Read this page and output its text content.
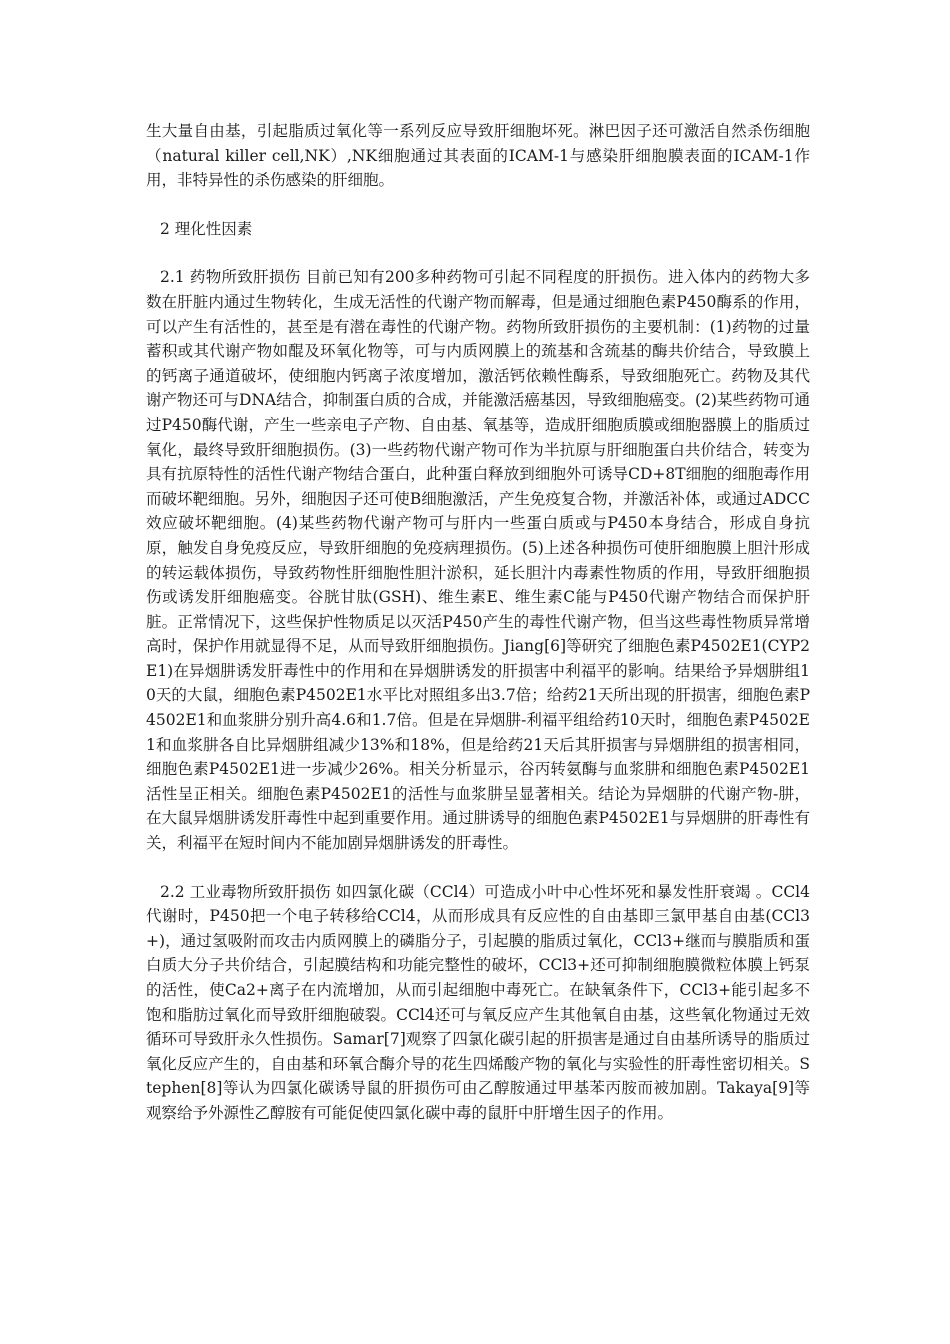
生大量自由基，引起脂质过氧化等一系列反应导致肝细胞坏死。淋巴因子还可激活自然杀伤细胞（natural killer cell,NK）,NK细胞通过其表面的ICAM-1与感染肝细胞膜表面的ICAM-1作用，非特异性的杀伤感染的肝细胞。

2 理化性因素

2.1 药物所致肝损伤 目前已知有200多种药物可引起不同程度的肝损伤。进入体内的药物大多数在肝脏内通过生物转化，生成无活性的代谢产物而解毒，但是通过细胞色素P450酶系的作用，可以产生有活性的，甚至是有潜在毒性的代谢产物。药物所致肝损伤的主要机制：(1)药物的过量蓄积或其代谢产物如醌及环氧化物等，可与内质网膜上的巯基和含巯基的酶共价结合，导致膜上的钙离子通道破坏，使细胞内钙离子浓度增加，激活钙依赖性酶系，导致细胞死亡。药物及其代谢产物还可与DNA结合，抑制蛋白质的合成，并能激活癌基因，导致细胞癌变。(2)某些药物可通过P450酶代谢，产生一些亲电子产物、自由基、氧基等，造成肝细胞质膜或细胞器膜上的脂质过氧化，最终导致肝细胞损伤。(3)一些药物代谢产物可作为半抗原与肝细胞蛋白共价结合，转变为具有抗原特性的活性代谢产物结合蛋白，此种蛋白释放到细胞外可诱导CD+8T细胞的细胞毒作用而破坏靶细胞。另外，细胞因子还可使B细胞激活，产生免疫复合物，并激活补体，或通过ADCC效应破坏靶细胞。(4)某些药物代谢产物可与肝内一些蛋白质或与P450本身结合，形成自身抗原，触发自身免疫反应，导致肝细胞的免疫病理损伤。(5)上述各种损伤可使肝细胞膜上胆汁形成的转运载体损伤，导致药物性肝细胞性胆汁淤积，延长胆汁内毒素性物质的作用，导致肝细胞损伤或诱发肝细胞癌变。谷胱甘肽(GSH)、维生素E、维生素C能与P450代谢产物结合而保护肝脏。正常情况下，这些保护性物质足以灭活P450产生的毒性代谢产物，但当这些毒性物质异常增高时，保护作用就显得不足，从而导致肝细胞损伤。Jiang[6]等研究了细胞色素P4502E1(CYP2E1)在异烟肼诱发肝毒性中的作用和在异烟肼诱发的肝损害中利福平的影响。结果给予异烟肼组10天的大鼠，细胞色素P4502E1水平比对照组多出3.7倍；给药21天所出现的肝损害，细胞色素P4502E1和血浆肼分别升高4.6和1.7倍。但是在异烟肼-利福平组给药10天时，细胞色素P4502E1和血浆肼各自比异烟肼组减少13%和18%，但是给药21天后其肝损害与异烟肼组的损害相同，细胞色素P4502E1进一步减少26%。相关分析显示，谷丙转氨酶与血浆肼和细胞色素P4502E1活性呈正相关。细胞色素P4502E1的活性与血浆肼呈显著相关。结论为异烟肼的代谢产物-肼，在大鼠异烟肼诱发肝毒性中起到重要作用。通过肼诱导的细胞色素P4502E1与异烟肼的肝毒性有关，利福平在短时间内不能加剧异烟肼诱发的肝毒性。

2.2 工业毒物所致肝损伤 如四氯化碳（CCl4）可造成小叶中心性坏死和暴发性肝衰竭 。CCl4代谢时，P450把一个电子转移给CCl4，从而形成具有反应性的自由基即三氯甲基自由基(CCl3+)，通过氢吸附而攻击内质网膜上的磷脂分子，引起膜的脂质过氧化，CCl3+继而与膜脂质和蛋白质大分子共价结合，引起膜结构和功能完整性的破坏，CCl3+还可抑制细胞膜微粒体膜上钙泵的活性，使Ca2+离子在内流增加，从而引起细胞中毒死亡。在缺氧条件下，CCl3+能引起多不饱和脂肪过氧化而导致肝细胞破裂。CCl4还可与氧反应产生其他氧自由基，这些氧化物通过无效循环可导致肝永久性损伤。Samar[7]观察了四氯化碳引起的肝损害是通过自由基所诱导的脂质过氧化反应产生的，自由基和环氧合酶介导的花生四烯酸产物的氧化与实验性的肝毒性密切相关。Stephen[8]等认为四氯化碳诱导鼠的肝损伤可由乙醇胺通过甲基苯丙胺而被加剧。Takaya[9]等观察给予外源性乙醇胺有可能促使四氯化碳中毒的鼠肝中肝增生因子的作用。
